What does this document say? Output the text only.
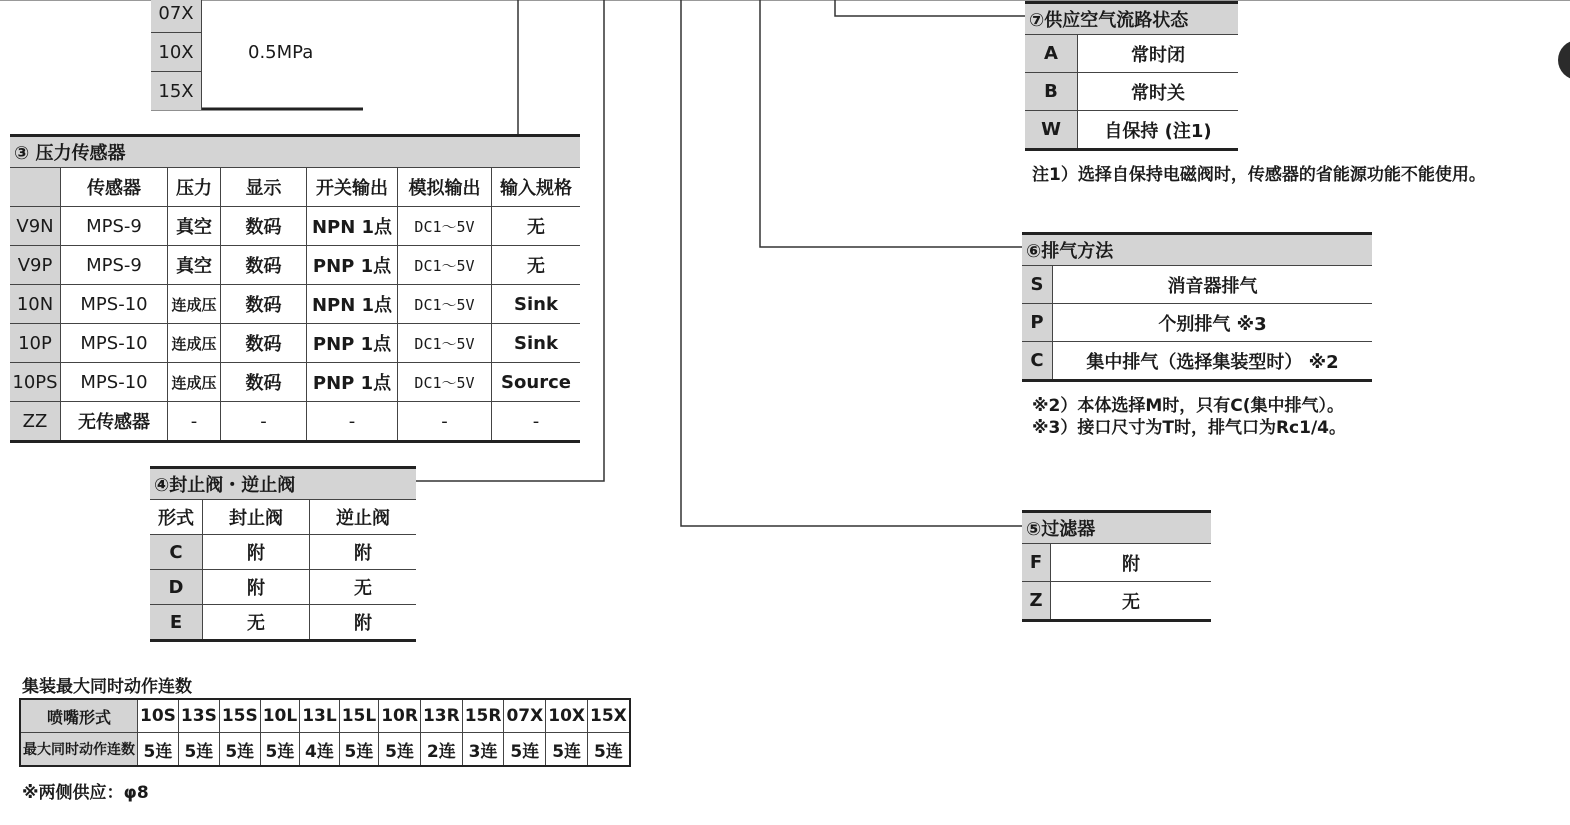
07X	
10X	0.5MPa
15X	
③ 压力传感器						
	传感器	压力	显示	开关输出	模拟输出	输入规格
V9N	MPS-9	真空	数码	NPN 1点	DC1～5V	无
V9P	MPS-9	真空	数码	PNP 1点	DC1～5V	无
10N	MPS-10	连成压	数码	NPN 1点	DC1～5V	Sink
10P	MPS-10	连成压	数码	PNP 1点	DC1～5V	Sink
10PS	MPS-10	连成压	数码	PNP 1点	DC1～5V	Source
ZZ	无传感器	-	-	-	-	-
④封止阀・逆止阀		
形式	封止阀	逆止阀
C	附	附
D	附	无
E	无	附
集装最大同时动作连数
喷嘴形式	10S	13S	15S	10L	13L	15L	10R	13R	15R	07X	10X	15X
最大同时动作连数	5连	5连	5连	5连	4连	5连	5连	2连	3连	5连	5连	5连
※两侧供应：φ8
⑦供应空气流路状态	
A	常时闭
B	常时关
W	自保持 (注1)
注1）选择自保持电磁阀时，传感器的省能源功能不能使用。
⑥排气方法	
S	消音器排气
P	个别排气 ※3
C	集中排气（选择集装型时） ※2
※2）本体选择M时，只有C(集中排气）。
※3）接口尺寸为T时，排气口为Rc1/4。
⑤过滤器	
F	附
Z	无
